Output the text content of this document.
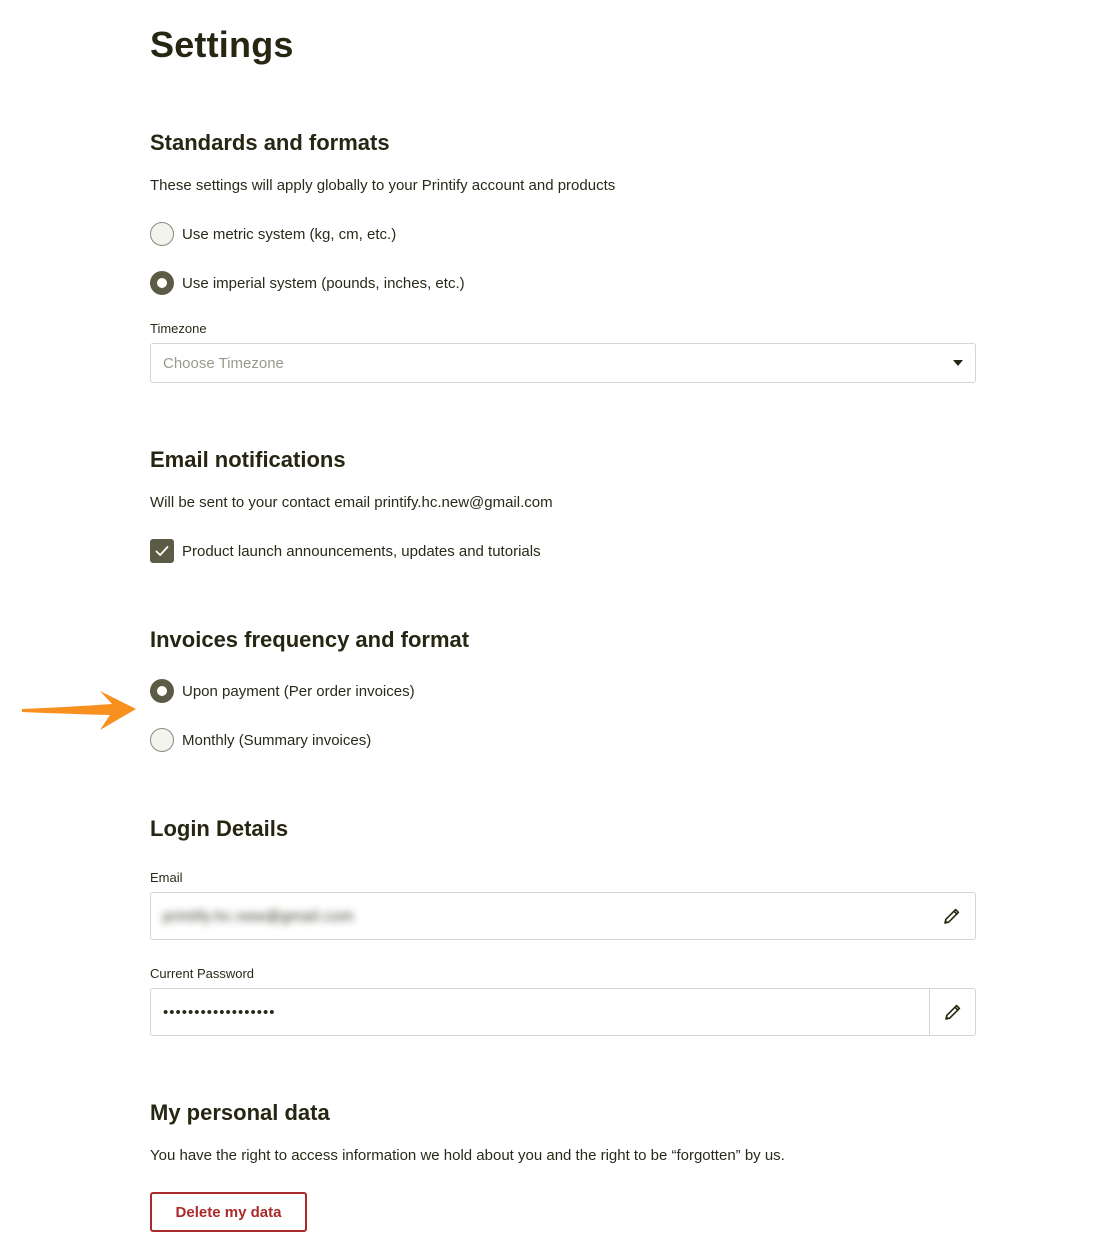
Settings
Standards and formats
These settings will apply globally to your Printify account and products
Use metric system (kg, cm, etc.)
Use imperial system (pounds, inches, etc.)
Timezone
Choose Timezone
Email notifications
Will be sent to your contact email printify.hc.new@gmail.com
Product launch announcements, updates and tutorials
Invoices frequency and format
Upon payment (Per order invoices)
Monthly (Summary invoices)
Login Details
Email
printify.hc.new@gmail.com
Current Password
••••••••••••••••••
My personal data
You have the right to access information we hold about you and the right to be “forgotten” by us.
Delete my data
